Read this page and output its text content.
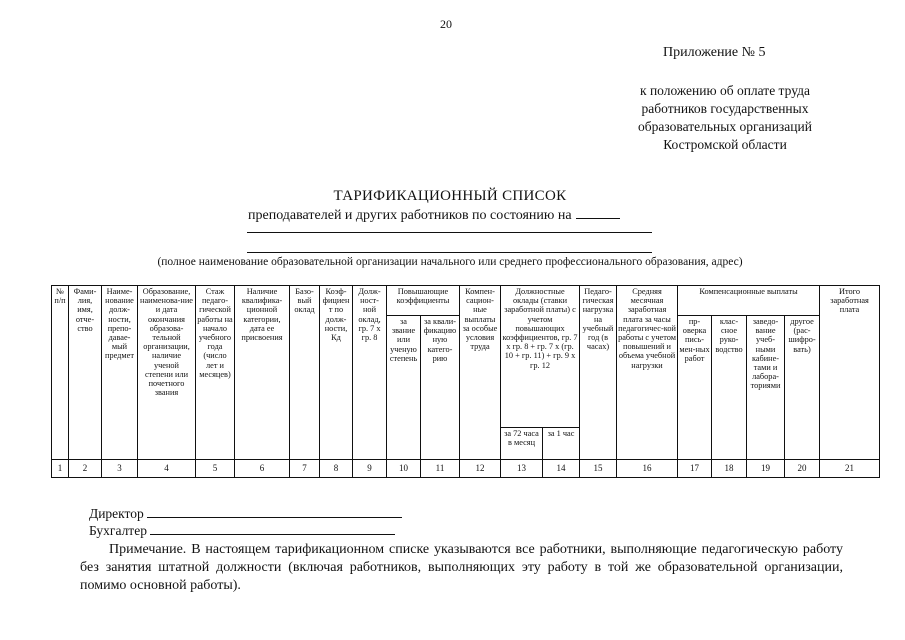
20
Приложение № 5
к положению об оплате труда
работников государственных
образовательных организаций
Костромской области
ТАРИФИКАЦИОННЫЙ СПИСОК
преподавателей и других работников по состоянию на
(полное наименование образовательной организации начального или среднего профессионального образования, адрес)
№ п/п	Фами-лия, имя, отче-ство	Наиме-нование долж-ности, препо-давае-мый предмет	Образование, наименова-ние и дата окончания образова-тельной организации, наличие ученой степени или почетного звания	Стаж педаго-гической работы на начало учебного года (число лет и месяцев)	Наличие квалифика-ционной категории, дата ее присвоения	Базо-вый оклад	Коэф-фициен т по долж-ности, Кд	Долж-ност-ной оклад, гр. 7 x гр. 8	Повышающие коэффициенты		Компен-сацион-ные выплаты за особые условия труда	Должностные оклады (ставки заработной платы) с учетом повышающих коэффициентов, гр. 7 x гр. 8 + гр. 7 x (гр. 10 + гр. 11) + гр. 9 x гр. 12		Педаго-гическая нагрузка на учебный год (в часах)	Средняя месячная заработная плата за часы педагогичес-кой работы с учетом повышений и объема учебной нагрузки	Компенсационные выплаты				Итого заработная плата
									за звание или ученую степень	за квали-фикацию ную катего-рию						пр-оверка пись-мен-ных работ	клас-сное руко-водство	заведо-вание учеб-ными кабине-тами и лабора-ториями	другое (рас-шифро-вать)	
												за 72 часа в месяц	за 1 час							
1	2	3	4	5	6	7	8	9	10	11	12	13	14	15	16	17	18	19	20	21
Директор
Бухгалтер
Примечание. В настоящем тарификационном списке указываются все работники, выполняющие педагогическую работу без занятия штатной должности (включая работников, выполняющих эту работу в той же образовательной организации, помимо основной работы).
